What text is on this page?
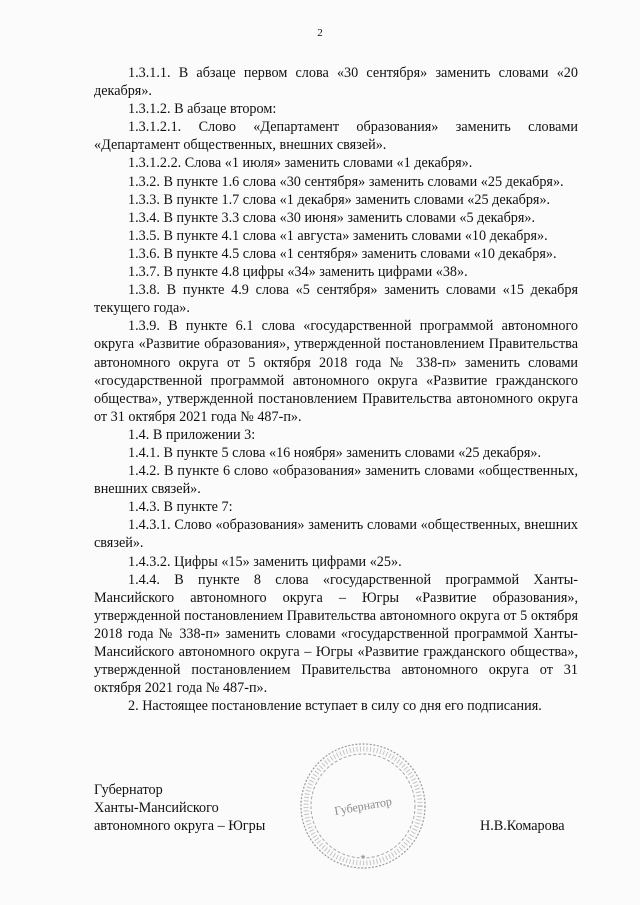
2

1.3.1.1. В абзаце первом слова «30 сентября» заменить словами «20 декабря».

1.3.1.2. В абзаце втором:

1.3.1.2.1. Слово «Департамент образования» заменить словами «Департамент общественных, внешних связей».

1.3.1.2.2. Слова «1 июля» заменить словами «1 декабря».

1.3.2. В пункте 1.6 слова «30 сентября» заменить словами «25 декабря».

1.3.3. В пункте 1.7 слова «1 декабря» заменить словами «25 декабря».

1.3.4. В пункте 3.3 слова «30 июня» заменить словами «5 декабря».

1.3.5. В пункте 4.1 слова «1 августа» заменить словами «10 декабря».

1.3.6. В пункте 4.5 слова «1 сентября» заменить словами «10 декабря».

1.3.7. В пункте 4.8 цифры «34» заменить цифрами «38».

1.3.8. В пункте 4.9 слова «5 сентября» заменить словами «15 декабря текущего года».

1.3.9. В пункте 6.1 слова «государственной программой автономного округа «Развитие образования», утвержденной постановлением Правительства автономного округа от 5 октября 2018 года № 338-п» заменить словами «государственной программой автономного округа «Развитие гражданского общества», утвержденной постановлением Правительства автономного округа от 31 октября 2021 года № 487-п».

1.4. В приложении 3:

1.4.1. В пункте 5 слова «16 ноября» заменить словами «25 декабря».

1.4.2. В пункте 6 слово «образования» заменить словами «общественных, внешних связей».

1.4.3. В пункте 7:

1.4.3.1. Слово «образования» заменить словами «общественных, внешних связей».

1.4.3.2. Цифры «15» заменить цифрами «25».

1.4.4. В пункте 8 слова «государственной программой Ханты-Мансийского автономного округа – Югры «Развитие образования», утвержденной постановлением Правительства автономного округа от 5 октября 2018 года № 338-п» заменить словами «государственной программой Ханты-Мансийского автономного округа – Югры «Развитие гражданского общества», утвержденной постановлением Правительства автономного округа от 31 октября 2021 года № 487-п».

2. Настоящее постановление вступает в силу со дня его подписания.

Губернатор
Ханты-Мансийского
автономного округа – Югры
Губернатор
★
Н.В.Комарова
